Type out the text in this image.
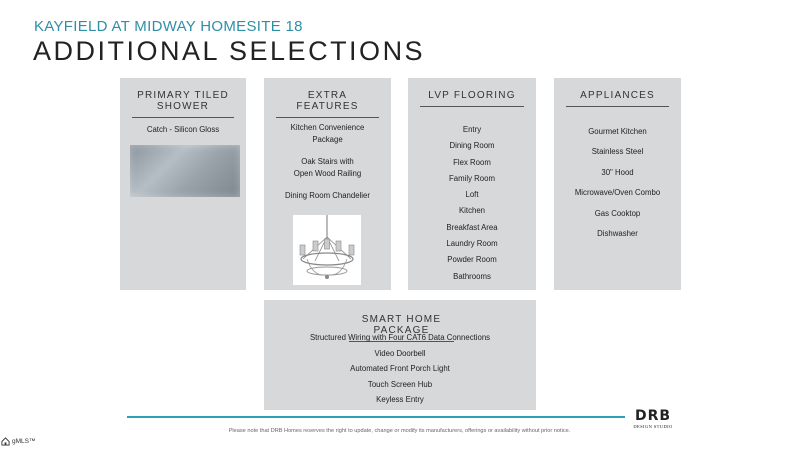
KAYFIELD AT MIDWAY HOMESITE 18
ADDITIONAL SELECTIONS
PRIMARY TILED SHOWER
Catch - Silicon Gloss
EXTRA FEATURES
Kitchen Convenience
Package
Oak Stairs with
Open Wood Railing
Dining Room Chandelier
LVP FLOORING
Entry
Dining Room
Flex Room
Family Room
Loft
Kitchen
Breakfast Area
Laundry Room
Powder Room
Bathrooms
APPLIANCES
Gourmet Kitchen
Stainless Steel
30" Hood
Microwave/Oven Combo
Gas Cooktop
Dishwasher
SMART HOME PACKAGE
Structured Wiring with Four CAT6 Data Connections
Video Doorbell
Automated Front Porch Light
Touch Screen Hub
Keyless Entry
Please note that DRB Homes reserves the right to update, change or modify its manufacturers, offerings or availability without prior notice.
DRB
DESIGN STUDIO
gMLS™
